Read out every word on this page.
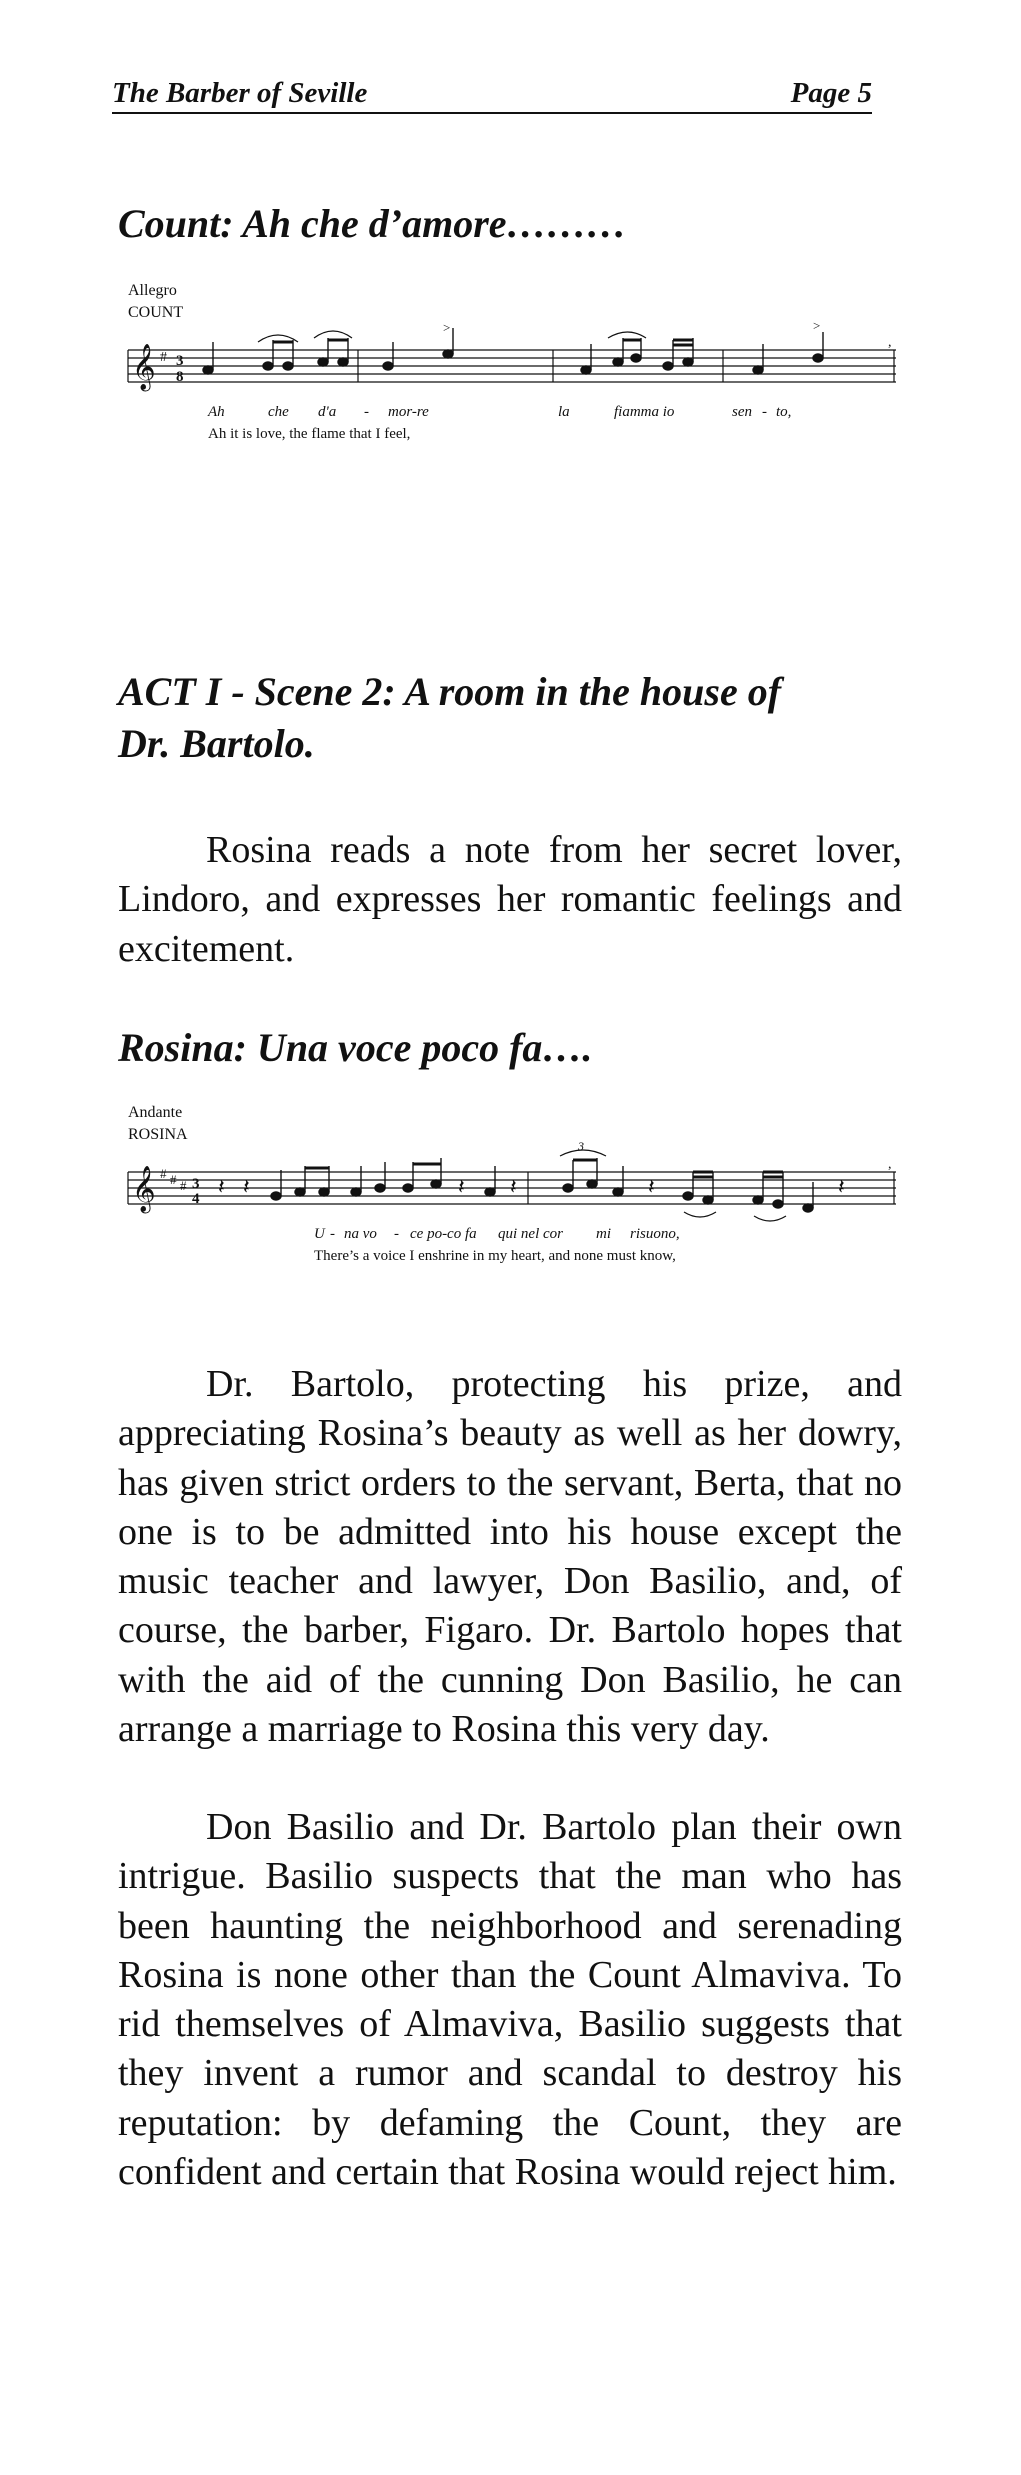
The Barber of Seville	Page 5
Count: Ah che d’amore………
Allegro
COUNT
𝄞 # 3
8
>	>
,
Ah	che d'a - mor-re	la	fiamma io	sen - to,
Ah it is love, the flame that I feel,
ACT I - Scene 2: A room in the house of
Dr. Bartolo.

Rosina reads a note from her secret lover, Lindoro, and expresses her romantic feelings and excitement.

Rosina: Una voce poco fa….
Andante
ROSINA
𝄞 # # # 3
4 𝄽 𝄽	𝄽 𝄽	𝄽	𝄽
3
,
U - na vo - ce po-co fa qui nel cor mi risuono,
There’s a voice I enshrine in my heart, and none must know,

Dr. Bartolo, protecting his prize, and appreciating Rosina’s beauty as well as her dowry, has given strict orders to the servant, Berta, that no one is to be admitted into his house except the music teacher and lawyer, Don Basilio, and, of course, the barber, Figaro. Dr. Bartolo hopes that with the aid of the cunning Don Basilio, he can arrange a marriage to Rosina this very day.

Don Basilio and Dr. Bartolo plan their own intrigue. Basilio suspects that the man who has been haunting the neighborhood and serenading Rosina is none other than the Count Almaviva. To rid themselves of Almaviva, Basilio suggests that they invent a rumor and scandal to destroy his reputation: by defaming the Count, they are confident and certain that Rosina would reject him.
